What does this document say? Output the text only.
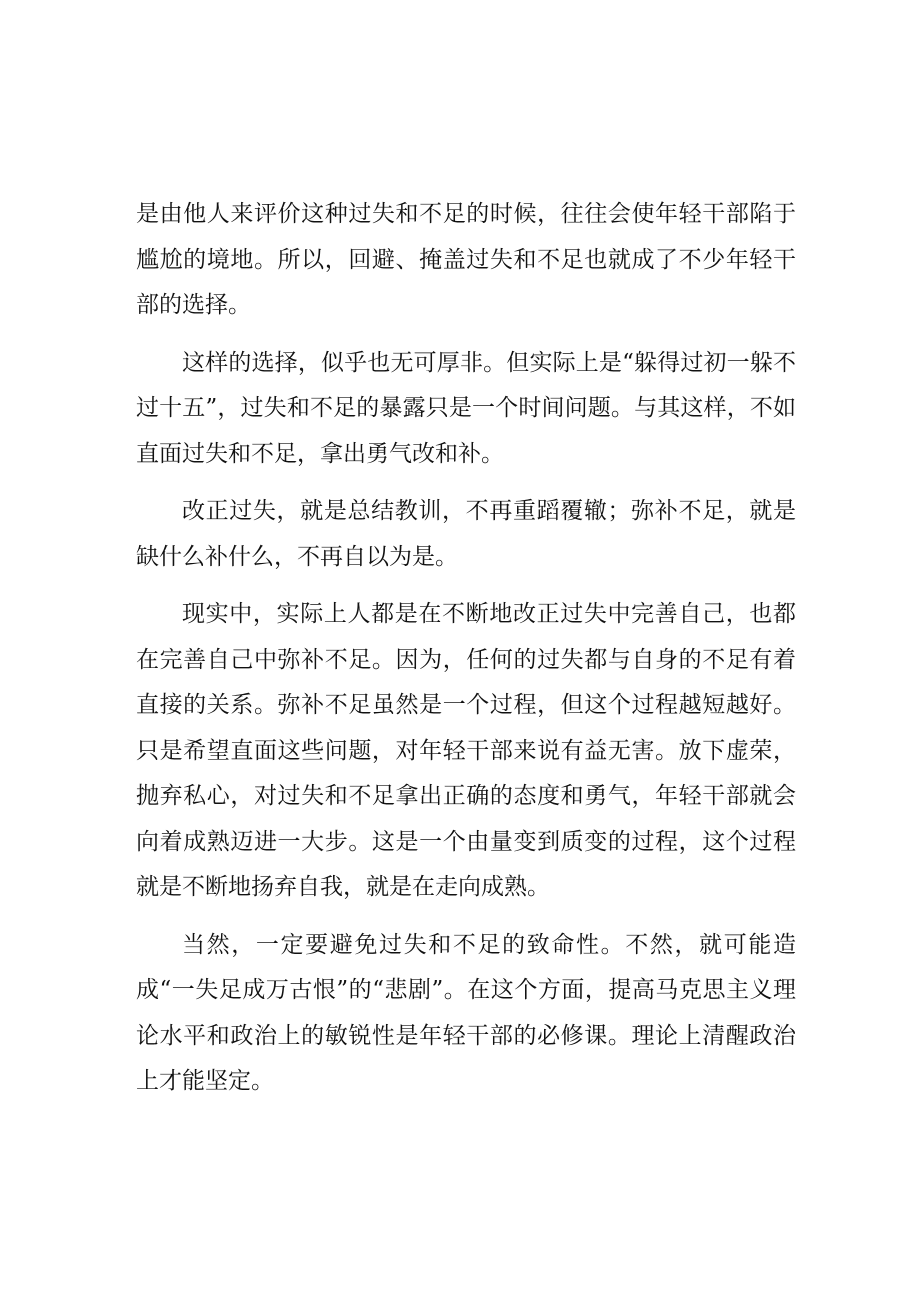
是由他人来评价这种过失和不足的时候，往往会使年轻干部陷于尴尬的境地。所以，回避、掩盖过失和不足也就成了不少年轻干部的选择。

这样的选择，似乎也无可厚非。但实际上是“躲得过初一躲不过十五”，过失和不足的暴露只是一个时间问题。与其这样，不如直面过失和不足，拿出勇气改和补。

改正过失，就是总结教训，不再重蹈覆辙；弥补不足，就是缺什么补什么，不再自以为是。

现实中，实际上人都是在不断地改正过失中完善自己，也都在完善自己中弥补不足。因为，任何的过失都与自身的不足有着直接的关系。弥补不足虽然是一个过程，但这个过程越短越好。只是希望直面这些问题，对年轻干部来说有益无害。放下虚荣，抛弃私心，对过失和不足拿出正确的态度和勇气，年轻干部就会向着成熟迈进一大步。这是一个由量变到质变的过程，这个过程就是不断地扬弃自我，就是在走向成熟。

当然，一定要避免过失和不足的致命性。不然，就可能造成“一失足成万古恨”的“悲剧”。在这个方面，提高马克思主义理论水平和政治上的敏锐性是年轻干部的必修课。理论上清醒政治上才能坚定。
